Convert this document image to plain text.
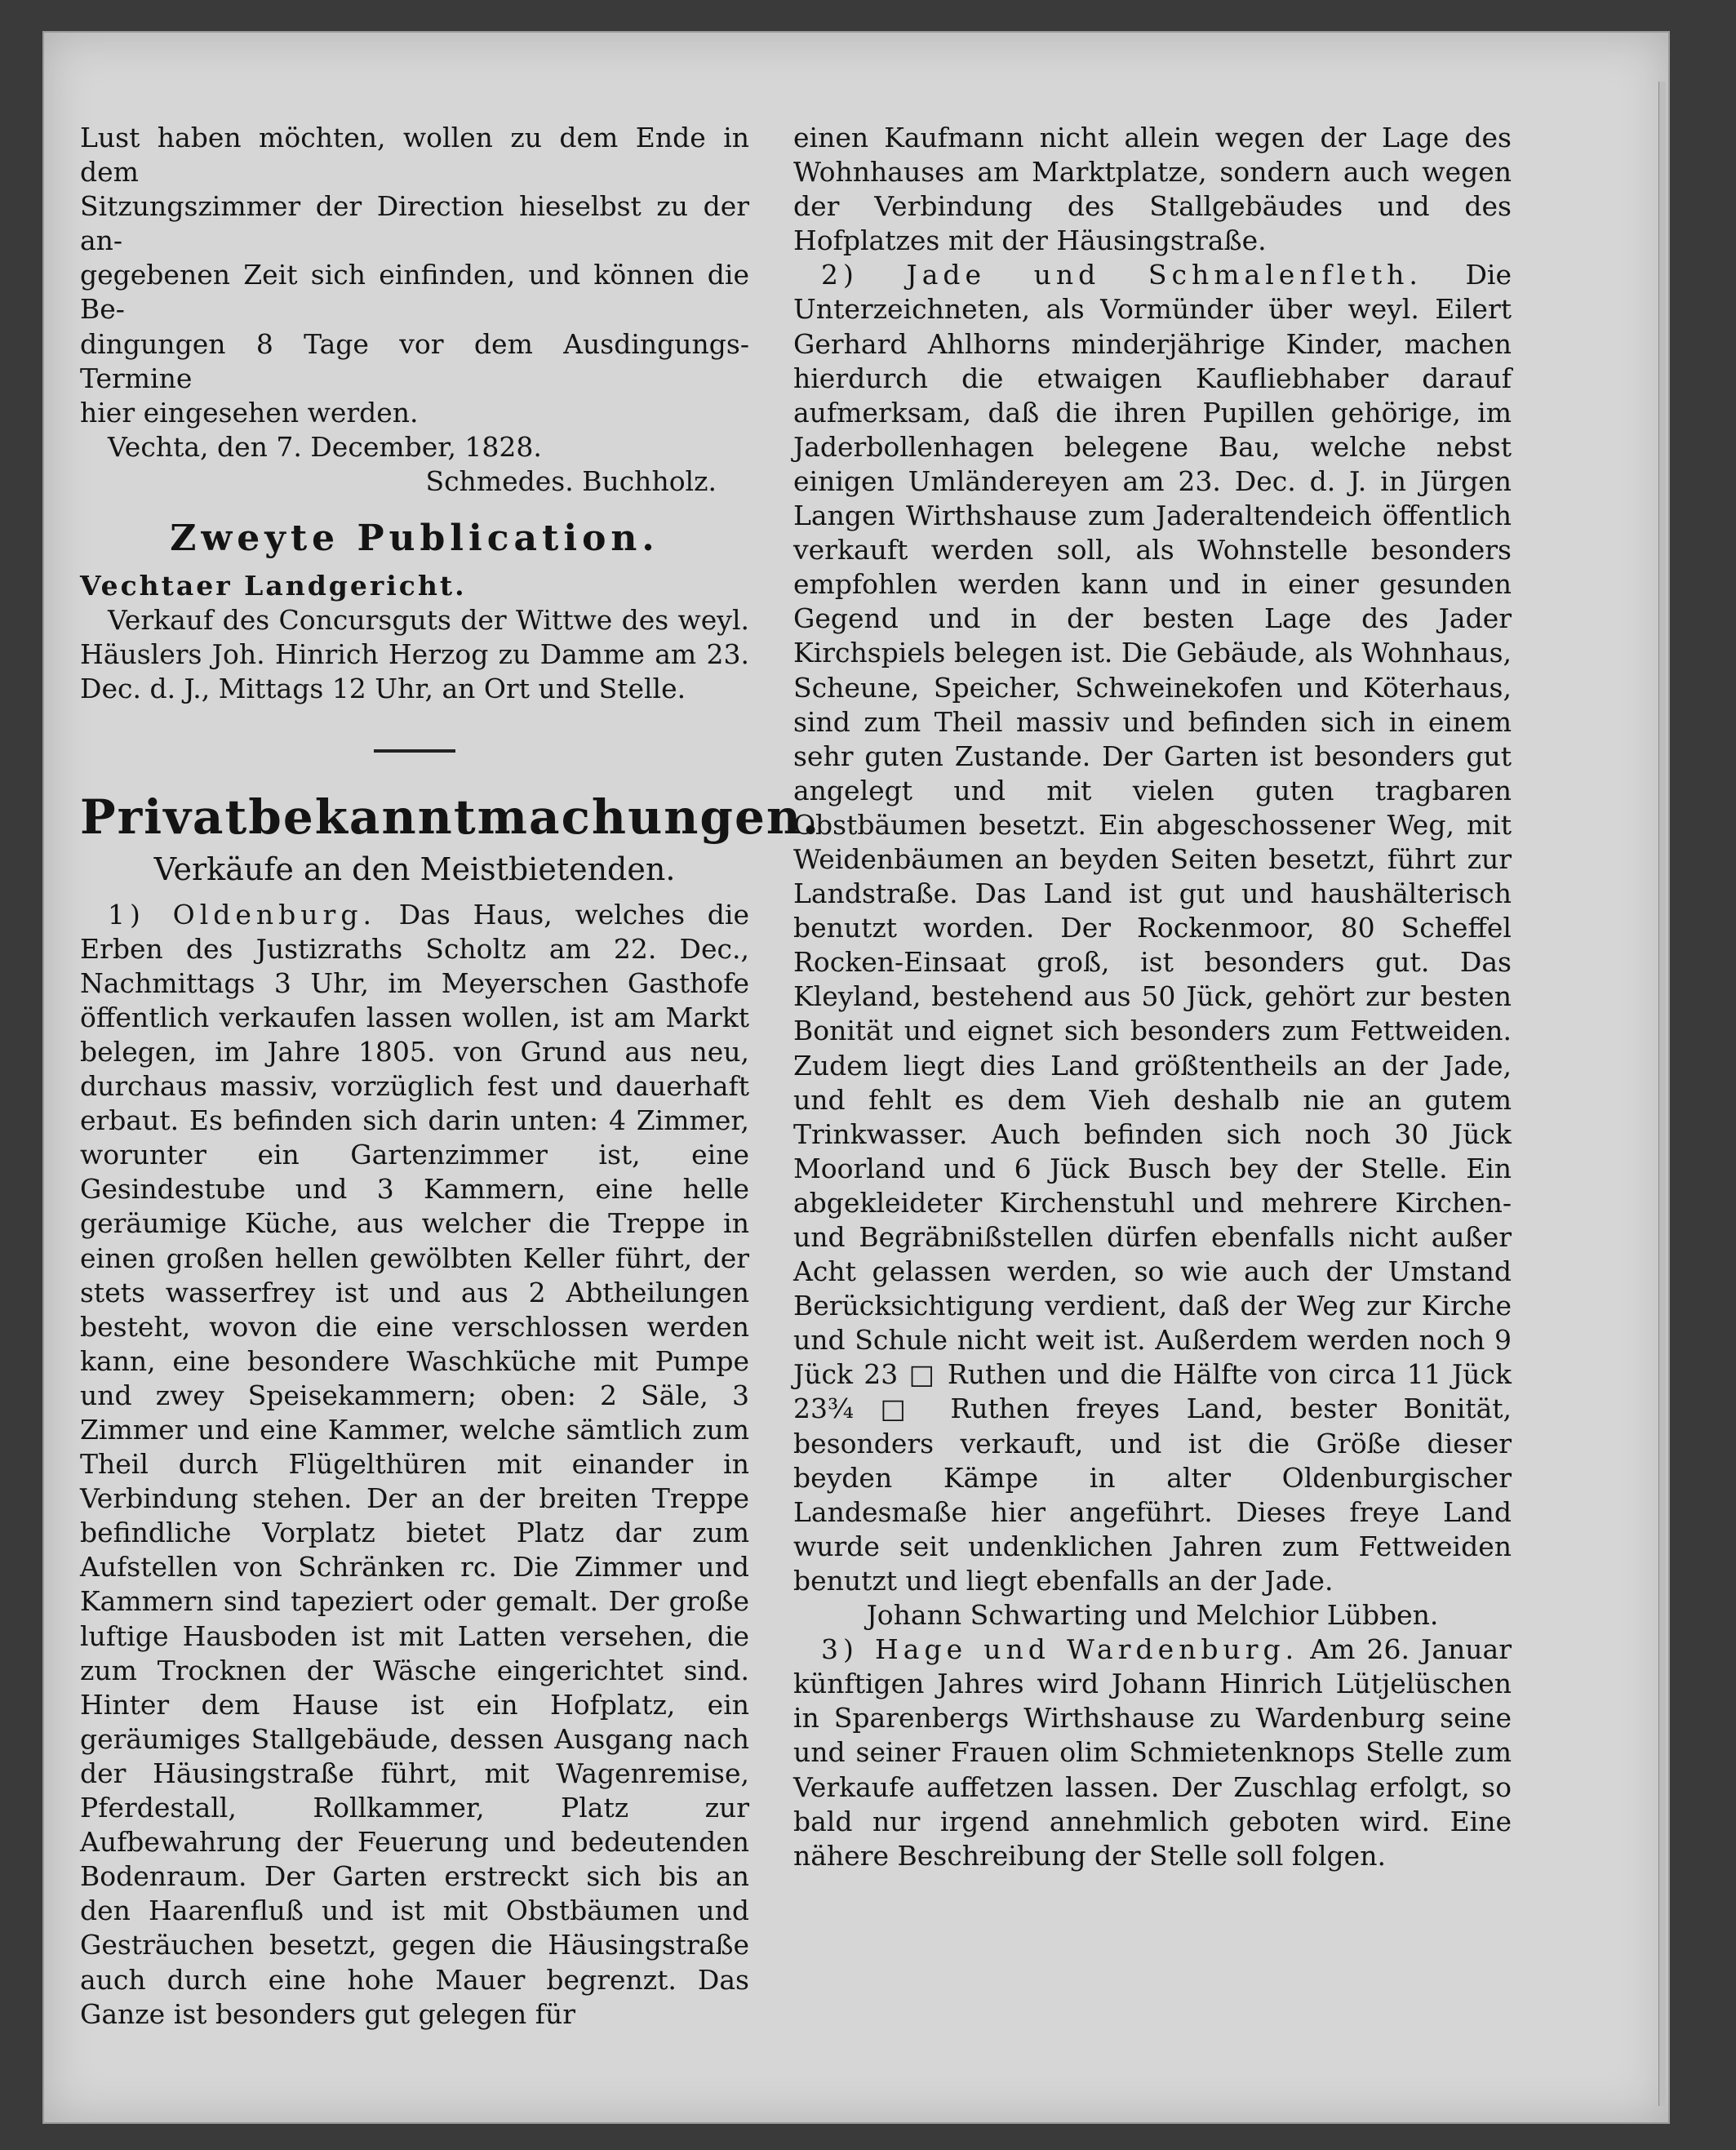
Lust haben möchten, wollen zu dem Ende in dem

Sitzungszimmer der Direction hieselbst zu der an-

gegebenen Zeit sich einfinden, und können die Be-

dingungen 8 Tage vor dem Ausdingungs-Termine

hier eingesehen werden.

Vechta, den 7. December, 1828.

Schmedes. Buchholz.

Zweyte Publication.

Vechtaer Landgericht.

Verkauf des Concursguts der Wittwe des weyl. Häuslers Joh. Hinrich Herzog zu Damme am 23. Dec. d. J., Mittags 12 Uhr, an Ort und Stelle.

Privatbekanntmachungen.
Verkäufe an den Meistbietenden.

1) Oldenburg. Das Haus, welches die Erben des Justizraths Scholtz am 22. Dec., Nachmittags 3 Uhr, im Meyerschen Gasthofe öffentlich verkaufen lassen wollen, ist am Markt belegen, im Jahre 1805. von Grund aus neu, durchaus massiv, vorzüglich fest und dauerhaft erbaut. Es befinden sich darin unten: 4 Zimmer, worunter ein Gartenzimmer ist, eine Gesindestube und 3 Kammern, eine helle geräumige Küche, aus welcher die Treppe in einen großen hellen gewölbten Keller führt, der stets wasserfrey ist und aus 2 Abtheilungen besteht, wovon die eine verschlossen werden kann, eine besondere Waschküche mit Pumpe und zwey Speisekammern; oben: 2 Säle, 3 Zimmer und eine Kammer, welche sämtlich zum Theil durch Flügelthüren mit einander in Verbindung stehen. Der an der breiten Treppe befindliche Vorplatz bietet Platz dar zum Aufstellen von Schränken rc. Die Zimmer und Kammern sind tapeziert oder gemalt. Der große luftige Hausboden ist mit Latten versehen, die zum Trocknen der Wäsche eingerichtet sind. Hinter dem Hause ist ein Hofplatz, ein geräumiges Stallgebäude, dessen Ausgang nach der Häusingstraße führt, mit Wagenremise, Pferdestall, Rollkammer, Platz zur Aufbewahrung der Feuerung und bedeutenden Bodenraum. Der Garten erstreckt sich bis an den Haarenfluß und ist mit Obstbäumen und Gesträuchen besetzt, gegen die Häusingstraße auch durch eine hohe Mauer begrenzt. Das Ganze ist besonders gut gelegen für

einen Kaufmann nicht allein wegen der Lage des Wohnhauses am Marktplatze, sondern auch wegen der Verbindung des Stallgebäudes und des Hofplatzes mit der Häusingstraße.

2) Jade und Schmalenfleth. Die Unterzeichneten, als Vormünder über weyl. Eilert Gerhard Ahlhorns minderjährige Kinder, machen hierdurch die etwaigen Kaufliebhaber darauf aufmerksam, daß die ihren Pupillen gehörige, im Jaderbollenhagen belegene Bau, welche nebst einigen Umländereyen am 23. Dec. d. J. in Jürgen Langen Wirthshause zum Jaderaltendeich öffentlich verkauft werden soll, als Wohnstelle besonders empfohlen werden kann und in einer gesunden Gegend und in der besten Lage des Jader Kirchspiels belegen ist. Die Gebäude, als Wohnhaus, Scheune, Speicher, Schweinekofen und Köterhaus, sind zum Theil massiv und befinden sich in einem sehr guten Zustande. Der Garten ist besonders gut angelegt und mit vielen guten tragbaren Obstbäumen besetzt. Ein abgeschossener Weg, mit Weidenbäumen an beyden Seiten besetzt, führt zur Landstraße. Das Land ist gut und haushälterisch benutzt worden. Der Rockenmoor, 80 Scheffel Rocken-Einsaat groß, ist besonders gut. Das Kleyland, bestehend aus 50 Jück, gehört zur besten Bonität und eignet sich besonders zum Fettweiden. Zudem liegt dies Land größtentheils an der Jade, und fehlt es dem Vieh deshalb nie an gutem Trinkwasser. Auch befinden sich noch 30 Jück Moorland und 6 Jück Busch bey der Stelle. Ein abgekleideter Kirchenstuhl und mehrere Kirchen- und Begräbnißstellen dürfen ebenfalls nicht außer Acht gelassen werden, so wie auch der Umstand Berücksichtigung verdient, daß der Weg zur Kirche und Schule nicht weit ist. Außerdem werden noch 9 Jück 23 □ Ruthen und die Hälfte von circa 11 Jück 23¾ □ Ruthen freyes Land, bester Bonität, besonders verkauft, und ist die Größe dieser beyden Kämpe in alter Oldenburgischer Landesmaße hier angeführt. Dieses freye Land wurde seit undenklichen Jahren zum Fettweiden benutzt und liegt ebenfalls an der Jade.

Johann Schwarting und Melchior Lübben.

3) Hage und Wardenburg. Am 26. Januar künftigen Jahres wird Johann Hinrich Lütjelüschen in Sparenbergs Wirthshause zu Wardenburg seine und seiner Frauen olim Schmietenknops Stelle zum Verkaufe auffetzen lassen. Der Zuschlag erfolgt, so bald nur irgend annehmlich geboten wird. Eine nähere Beschreibung der Stelle soll folgen.
